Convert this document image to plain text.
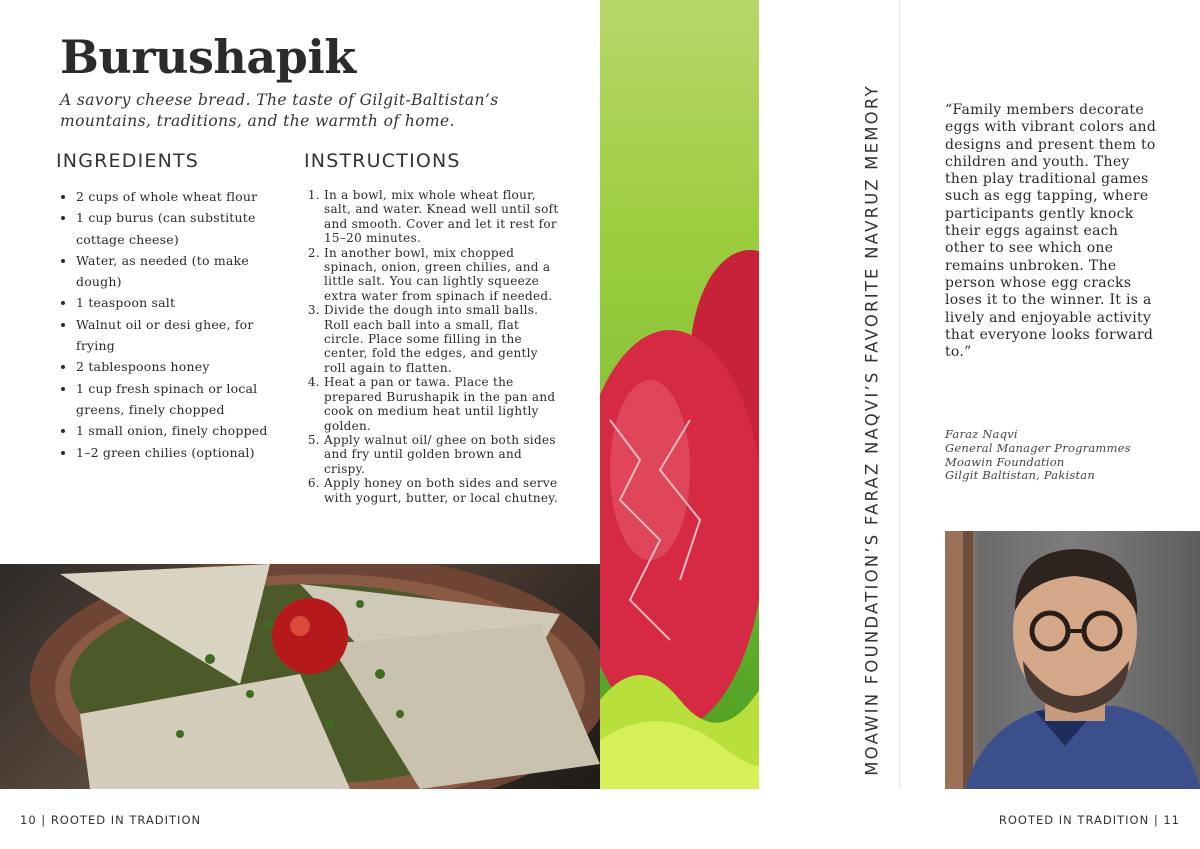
Burushapik
A savory cheese bread. The taste of Gilgit-Baltistan’s mountains, traditions, and the warmth of home.
INGREDIENTS	INSTRUCTIONS
• 2 cups of whole wheat flour
• 1 cup burus (can substitute cottage cheese)
• Water, as needed (to make dough)
• 1 teaspoon salt
• Walnut oil or desi ghee, for frying
• 2 tablespoons honey
• 1 cup fresh spinach or local greens, finely chopped
• 1 small onion, finely chopped
• 1–2 green chilies (optional)
1. In a bowl, mix whole wheat flour, salt, and water. Knead well until soft and smooth. Cover and let it rest for 15–20 minutes.
2. In another bowl, mix chopped spinach, onion, green chilies, and a little salt. You can lightly squeeze extra water from spinach if needed.
3. Divide the dough into small balls. Roll each ball into a small, flat circle. Place some filling in the center, fold the edges, and gently roll again to flatten.
4. Heat a pan or tawa. Place the prepared Burushapik in the pan and cook on medium heat until lightly golden.
5. Apply walnut oil/ ghee on both sides and fry until golden brown and crispy.
6. Apply honey on both sides and serve with yogurt, butter, or local chutney.	MOAWIN FOUNDATION’S FARAZ NAQVI’S FAVORITE NAVRUZ MEMORY	“Family members decorate eggs with vibrant colors and designs and present them to children and youth. They then play traditional games such as egg tapping, where participants gently knock their eggs against each other to see which one remains unbroken. The person whose egg cracks loses it to the winner. It is a lively and enjoyable activity that everyone looks forward to.”

Faraz Naqvi
General Manager Programmes
Moawin Foundation
Gilgit Baltistan, Pakistan
10 | ROOTED IN TRADITION	ROOTED IN TRADITION | 11
